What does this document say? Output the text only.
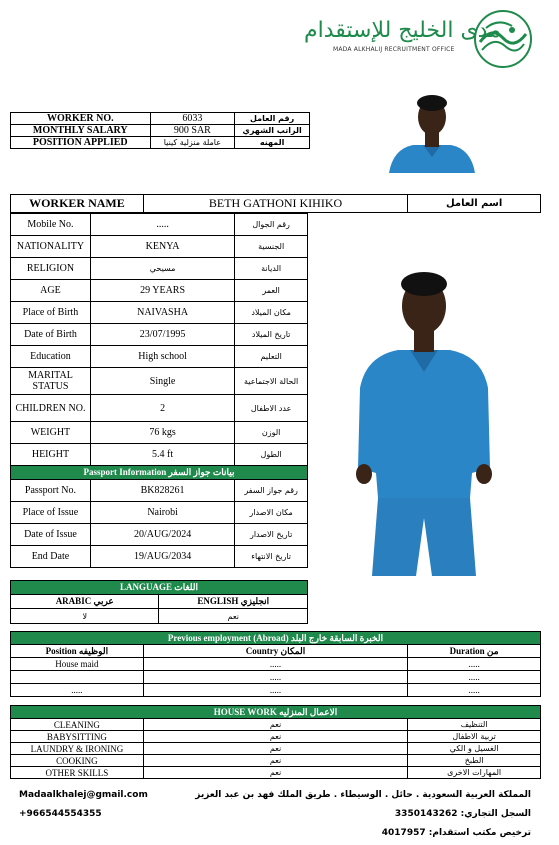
مدى الخليج للإستقدام
MADA ALKHALIJ RECRUITMENT OFFICE
WORKER NO.	6033	رقم العامل
MONTHLY SALARY	900 SAR	الراتب الشهري
POSITION APPLIED	عاملة منزلية كينيا	المهنه
WORKER NAME	BETH GATHONI KIHIKO	اسم العامل
Mobile No.	.....	رقم الجوال
NATIONALITY	KENYA	الجنسية
RELIGION	مسيحي	الديانة
AGE	29 YEARS	العمر
Place of Birth	NAIVASHA	مكان الميلاد
Date of Birth	23/07/1995	تاريخ الميلاد
Education	High school	التعليم
MARITAL STATUS	Single	الحالة الاجتماعية
CHILDREN NO.	2	عدد الاطفال
WEIGHT	76 kgs	الوزن
HEIGHT	5.4 ft	الطول
Passport Information بيانات جواز السفر		
Passport No.	BK828261	رقم جواز السفر
Place of Issue	Nairobi	مكان الاصدار
Date of Issue	20/AUG/2024	تاريخ الاصدار
End Date	19/AUG/2034	تاريخ الانتهاء
LANGUAGE اللغات	
ARABIC عربي	ENGLISH انجليزي
لا	نعم
Previous employment (Abroad) الخبرة السابقة خارج البلد		
Position الوظيفه	Country المكان	Duration من
House maid	.....	.....
	.....	.....
.....	.....	.....
HOUSE WORK الاعمال المنزليه		
CLEANING	نعم	التنظيف
BABYSITTING	نعم	تربية الاطفال
LAUNDRY & IRONING	نعم	الغسيل و الكي
COOKING	نعم	الطبخ
OTHER SKILLS	نعم	المهارات الاخرى
Madaalkhalej@gmail.com
+966544554355
المملكة العربية السعودية . حائل . الوسيطاء . طريق الملك فهد بن عبد العزيز
السجل التجاري: 3350143262
ترخيص مكتب استقدام: 4017957
